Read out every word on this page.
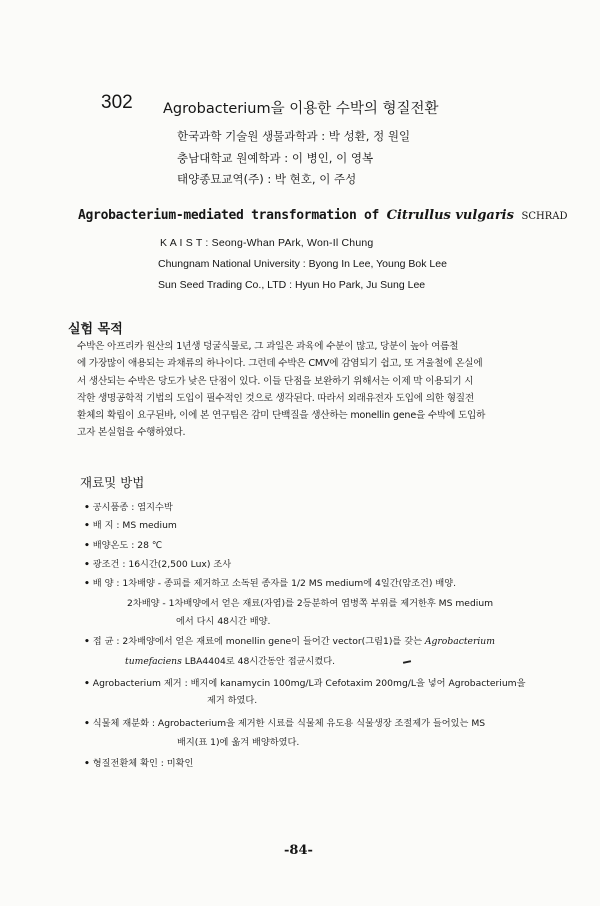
302 Agrobacterium을 이용한 수박의 형질전환
한국과학 기술원 생물과학과 : 박 성환, 정 원일
충남대학교 원예학과 : 이 병인, 이 영복
태양종묘교역(주) : 박 현호, 이 주성
Agrobacterium-mediated transformation of Citrullus vulgaris SCHRAD
K A I S T : Seong-Whan PArk, Won-Il Chung
Chungnam National University : Byong In Lee, Young Bok Lee
Sun Seed Trading Co., LTD : Hyun Ho Park, Ju Sung Lee
실험 목적
수박은 아프리카 원산의 1년생 덩굴식물로, 그 과일은 과육에 수분이 많고, 당분이 높아 여름철
에 가장많이 애용되는 과채류의 하나이다. 그런데 수박은 CMV에 감염되기 쉽고, 또 겨울철에 온실에
서 생산되는 수박은 당도가 낮은 단점이 있다. 이들 단점을 보완하기 위해서는 이제 막 이용되기 시
작한 생명공학적 기법의 도입이 필수적인 것으로 생각된다. 따라서 외래유전자 도입에 의한 형질전
환체의 확립이 요구된바, 이에 본 연구팀은 감미 단백질을 생산하는 monellin gene을 수박에 도입하
고자 본실험을 수행하였다.
재료및 방법
• 공시품종 : 염지수박
• 배 지 : MS medium
• 배양온도 : 28 ℃
• 광조건 : 16시간(2,500 Lux) 조사
• 배 양 : 1차배양 - 종피를 제거하고 소독된 종자를 1/2 MS medium에 4일간(암조건) 배양.
2차배양 - 1차배양에서 얻은 재료(자엽)를 2등분하여 엽병쪽 부위를 제거한후 MS medium
에서 다시 48시간 배양.
• 접 균 : 2차배양에서 얻은 재료에 monellin gene이 들어간 vector(그림1)를 갖는 Agrobacterium
tumefaciens LBA4404로 48시간동안 접균시켰다.
• Agrobacterium 제거 : 배지에 kanamycin 100mg/L과 Cefotaxim 200mg/L을 넣어 Agrobacterium을
제거 하였다.
• 식물체 재분화 : Agrobacterium을 제거한 시료를 식물체 유도용 식물생장 조절제가 들어있는 MS
배지(표 1)에 옮겨 배양하였다.
• 형질전환체 확인 : 미확인
-84-
